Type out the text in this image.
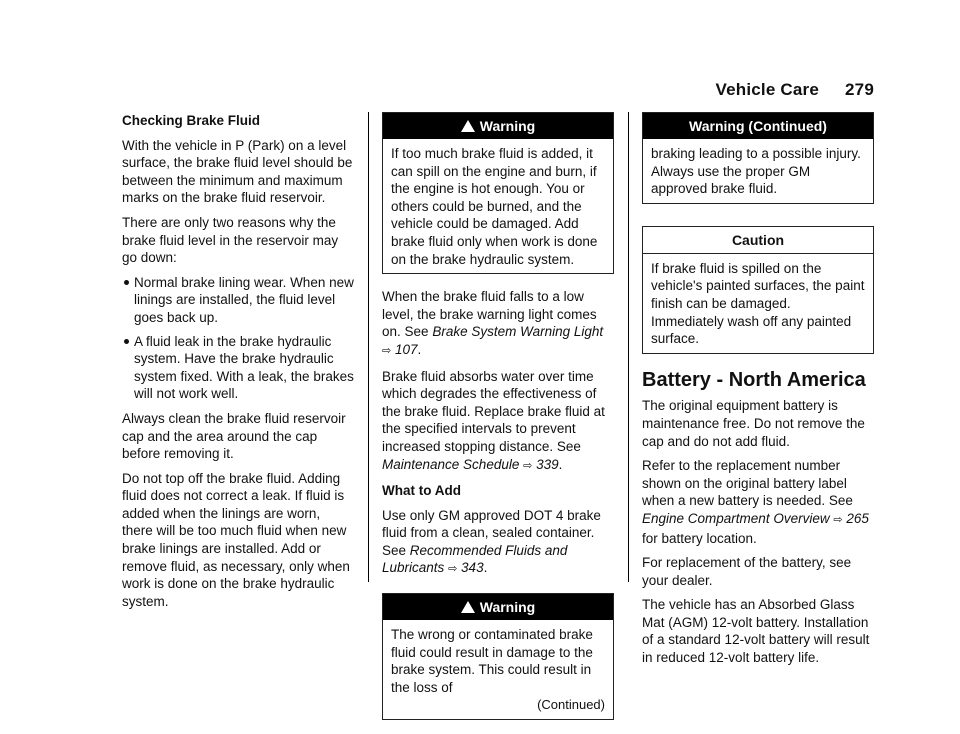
Vehicle Care 279

Checking Brake Fluid

With the vehicle in P (Park) on a level surface, the brake fluid level should be between the minimum and maximum marks on the brake fluid reservoir.

There are only two reasons why the brake fluid level in the reservoir may go down:

Normal brake lining wear. When new linings are installed, the fluid level goes back up.
A fluid leak in the brake hydraulic system. Have the brake hydraulic system fixed. With a leak, the brakes will not work well.

Always clean the brake fluid reservoir cap and the area around the cap before removing it.

Do not top off the brake fluid. Adding fluid does not correct a leak. If fluid is added when the linings are worn, there will be too much fluid when new brake linings are installed. Add or remove fluid, as necessary, only when work is done on the brake hydraulic system.

Warning
If too much brake fluid is added, it can spill on the engine and burn, if the engine is hot enough. You or others could be burned, and the vehicle could be damaged. Add brake fluid only when work is done on the brake hydraulic system.

When the brake fluid falls to a low level, the brake warning light comes on. See Brake System Warning Light ⇨ 107.

Brake fluid absorbs water over time which degrades the effectiveness of the brake fluid. Replace brake fluid at the specified intervals to prevent increased stopping distance. See Maintenance Schedule ⇨ 339.

What to Add

Use only GM approved DOT 4 brake fluid from a clean, sealed container. See Recommended Fluids and Lubricants ⇨ 343.

Warning
The wrong or contaminated brake fluid could result in damage to the brake system. This could result in the loss of
(Continued)
Warning (Continued)
braking leading to a possible injury. Always use the proper GM approved brake fluid.
Caution
If brake fluid is spilled on the vehicle's painted surfaces, the paint finish can be damaged. Immediately wash off any painted surface.
Battery - North America

The original equipment battery is maintenance free. Do not remove the cap and do not add fluid.

Refer to the replacement number shown on the original battery label when a new battery is needed. See Engine Compartment Overview ⇨ 265 for battery location.

For replacement of the battery, see your dealer.

The vehicle has an Absorbed Glass Mat (AGM) 12-volt battery. Installation of a standard 12-volt battery will result in reduced 12-volt battery life.
